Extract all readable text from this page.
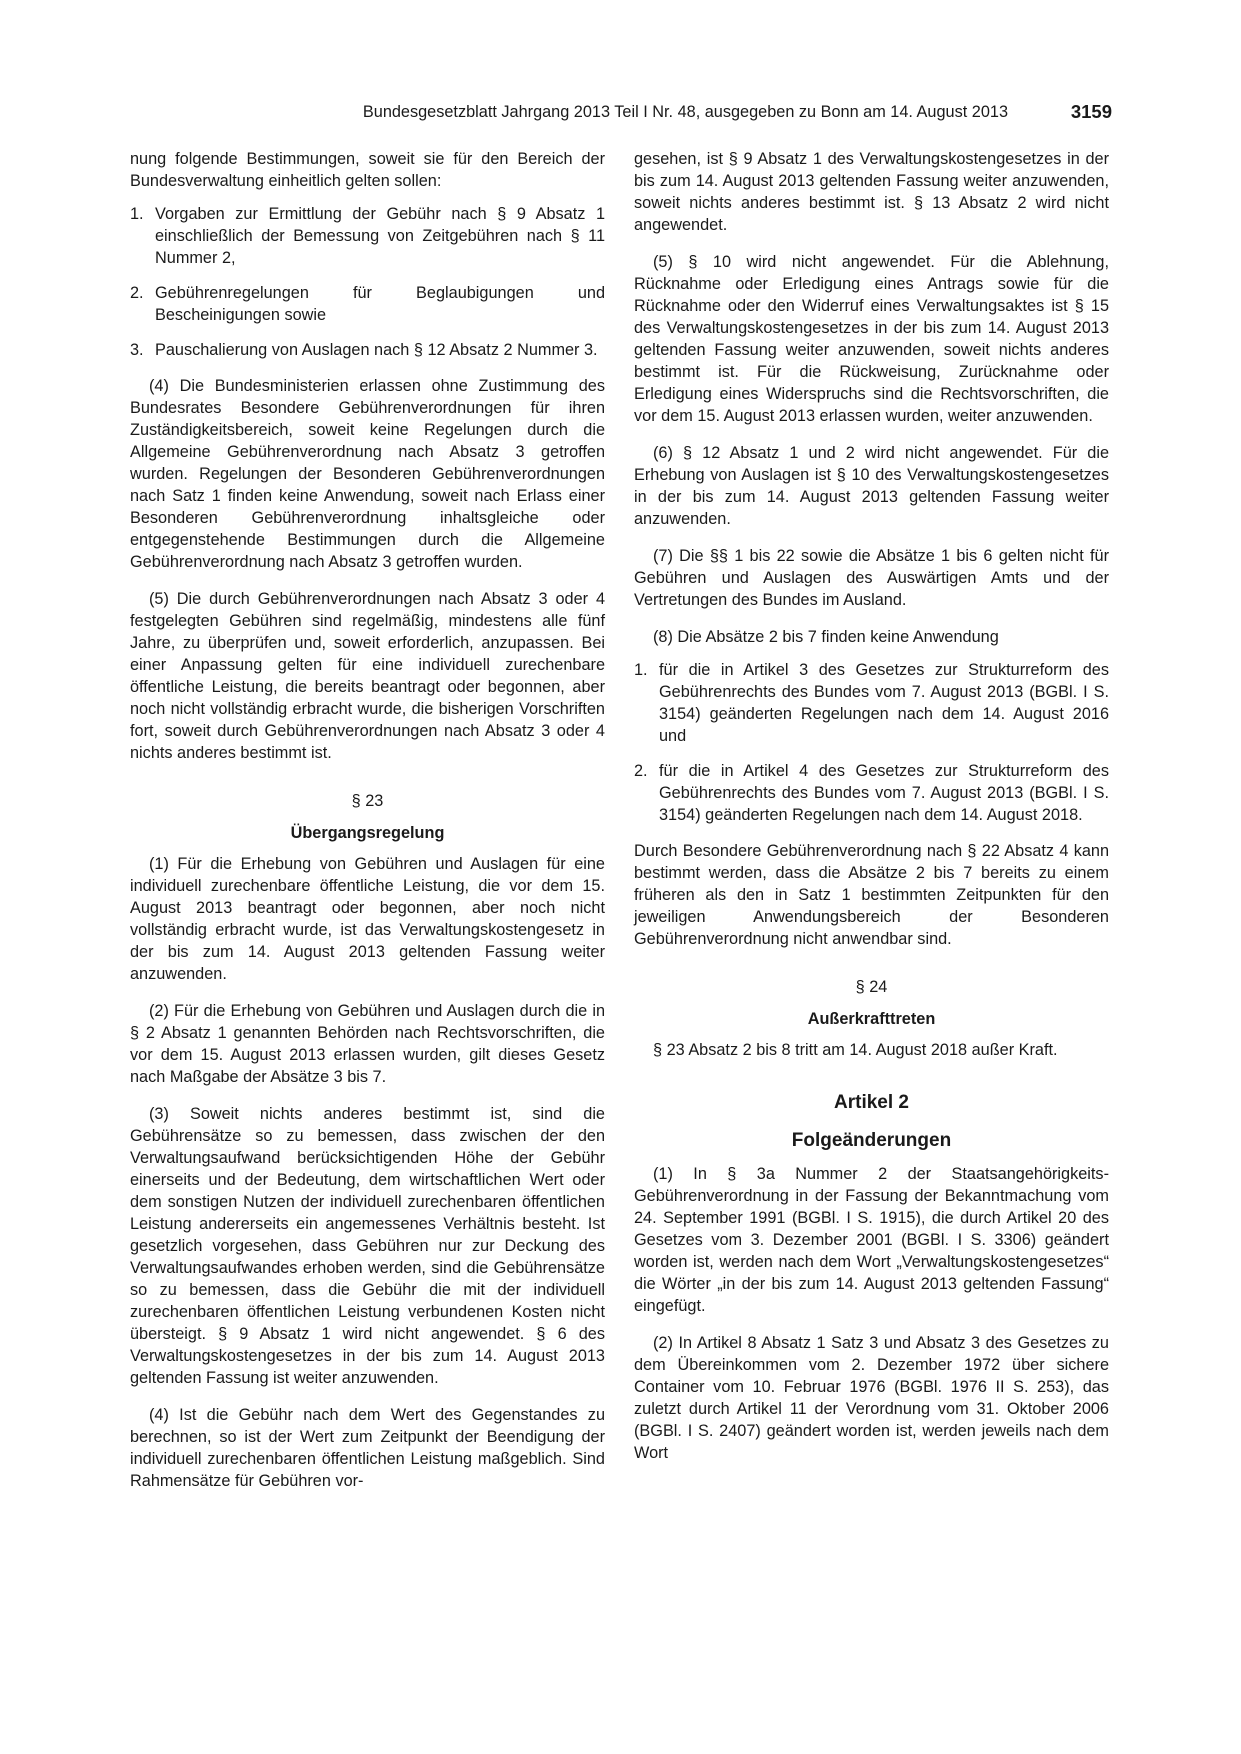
Bundesgesetzblatt Jahrgang 2013 Teil I Nr. 48, ausgegeben zu Bonn am 14. August 2013	3159

nung folgende Bestimmungen, soweit sie für den Bereich der Bundesverwaltung einheitlich gelten sollen:

1. Vorgaben zur Ermittlung der Gebühr nach § 9 Absatz 1 einschließlich der Bemessung von Zeitgebühren nach § 11 Nummer 2,
2. Gebührenregelungen für Beglaubigungen und Bescheinigungen sowie
3. Pauschalierung von Auslagen nach § 12 Absatz 2 Nummer 3.

(4) Die Bundesministerien erlassen ohne Zustimmung des Bundesrates Besondere Gebührenverordnungen für ihren Zuständigkeitsbereich, soweit keine Regelungen durch die Allgemeine Gebührenverordnung nach Absatz 3 getroffen wurden. Regelungen der Besonderen Gebührenverordnungen nach Satz 1 finden keine Anwendung, soweit nach Erlass einer Besonderen Gebührenverordnung inhaltsgleiche oder entgegenstehende Bestimmungen durch die Allgemeine Gebührenverordnung nach Absatz 3 getroffen wurden.

(5) Die durch Gebührenverordnungen nach Absatz 3 oder 4 festgelegten Gebühren sind regelmäßig, mindestens alle fünf Jahre, zu überprüfen und, soweit erforderlich, anzupassen. Bei einer Anpassung gelten für eine individuell zurechenbare öffentliche Leistung, die bereits beantragt oder begonnen, aber noch nicht vollständig erbracht wurde, die bisherigen Vorschriften fort, soweit durch Gebührenverordnungen nach Absatz 3 oder 4 nichts anderes bestimmt ist.

§ 23
Übergangsregelung

(1) Für die Erhebung von Gebühren und Auslagen für eine individuell zurechenbare öffentliche Leistung, die vor dem 15. August 2013 beantragt oder begonnen, aber noch nicht vollständig erbracht wurde, ist das Verwaltungskostengesetz in der bis zum 14. August 2013 geltenden Fassung weiter anzuwenden.

(2) Für die Erhebung von Gebühren und Auslagen durch die in § 2 Absatz 1 genannten Behörden nach Rechtsvorschriften, die vor dem 15. August 2013 erlassen wurden, gilt dieses Gesetz nach Maßgabe der Absätze 3 bis 7.

(3) Soweit nichts anderes bestimmt ist, sind die Gebührensätze so zu bemessen, dass zwischen der den Verwaltungsaufwand berücksichtigenden Höhe der Gebühr einerseits und der Bedeutung, dem wirtschaftlichen Wert oder dem sonstigen Nutzen der individuell zurechenbaren öffentlichen Leistung andererseits ein angemessenes Verhältnis besteht. Ist gesetzlich vorgesehen, dass Gebühren nur zur Deckung des Verwaltungsaufwandes erhoben werden, sind die Gebührensätze so zu bemessen, dass die Gebühr die mit der individuell zurechenbaren öffentlichen Leistung verbundenen Kosten nicht übersteigt. § 9 Absatz 1 wird nicht angewendet. § 6 des Verwaltungskostengesetzes in der bis zum 14. August 2013 geltenden Fassung ist weiter anzuwenden.

(4) Ist die Gebühr nach dem Wert des Gegenstandes zu berechnen, so ist der Wert zum Zeitpunkt der Beendigung der individuell zurechenbaren öffentlichen Leistung maßgeblich. Sind Rahmensätze für Gebühren vor-

gesehen, ist § 9 Absatz 1 des Verwaltungskostengesetzes in der bis zum 14. August 2013 geltenden Fassung weiter anzuwenden, soweit nichts anderes bestimmt ist. § 13 Absatz 2 wird nicht angewendet.

(5) § 10 wird nicht angewendet. Für die Ablehnung, Rücknahme oder Erledigung eines Antrags sowie für die Rücknahme oder den Widerruf eines Verwaltungsaktes ist § 15 des Verwaltungskostengesetzes in der bis zum 14. August 2013 geltenden Fassung weiter anzuwenden, soweit nichts anderes bestimmt ist. Für die Rückweisung, Zurücknahme oder Erledigung eines Widerspruchs sind die Rechtsvorschriften, die vor dem 15. August 2013 erlassen wurden, weiter anzuwenden.

(6) § 12 Absatz 1 und 2 wird nicht angewendet. Für die Erhebung von Auslagen ist § 10 des Verwaltungskostengesetzes in der bis zum 14. August 2013 geltenden Fassung weiter anzuwenden.

(7) Die §§ 1 bis 22 sowie die Absätze 1 bis 6 gelten nicht für Gebühren und Auslagen des Auswärtigen Amts und der Vertretungen des Bundes im Ausland.

(8) Die Absätze 2 bis 7 finden keine Anwendung

1. für die in Artikel 3 des Gesetzes zur Strukturreform des Gebührenrechts des Bundes vom 7. August 2013 (BGBl. I S. 3154) geänderten Regelungen nach dem 14. August 2016 und
2. für die in Artikel 4 des Gesetzes zur Strukturreform des Gebührenrechts des Bundes vom 7. August 2013 (BGBl. I S. 3154) geänderten Regelungen nach dem 14. August 2018.

Durch Besondere Gebührenverordnung nach § 22 Absatz 4 kann bestimmt werden, dass die Absätze 2 bis 7 bereits zu einem früheren als den in Satz 1 bestimmten Zeitpunkten für den jeweiligen Anwendungsbereich der Besonderen Gebührenverordnung nicht anwendbar sind.

§ 24
Außerkrafttreten

§ 23 Absatz 2 bis 8 tritt am 14. August 2018 außer Kraft.

Artikel 2
Folgeänderungen

(1) In § 3a Nummer 2 der Staatsangehörigkeits-Gebührenverordnung in der Fassung der Bekanntmachung vom 24. September 1991 (BGBl. I S. 1915), die durch Artikel 20 des Gesetzes vom 3. Dezember 2001 (BGBl. I S. 3306) geändert worden ist, werden nach dem Wort „Verwaltungskostengesetzes“ die Wörter „in der bis zum 14. August 2013 geltenden Fassung“ eingefügt.

(2) In Artikel 8 Absatz 1 Satz 3 und Absatz 3 des Gesetzes zu dem Übereinkommen vom 2. Dezember 1972 über sichere Container vom 10. Februar 1976 (BGBl. 1976 II S. 253), das zuletzt durch Artikel 11 der Verordnung vom 31. Oktober 2006 (BGBl. I S. 2407) geändert worden ist, werden jeweils nach dem Wort
